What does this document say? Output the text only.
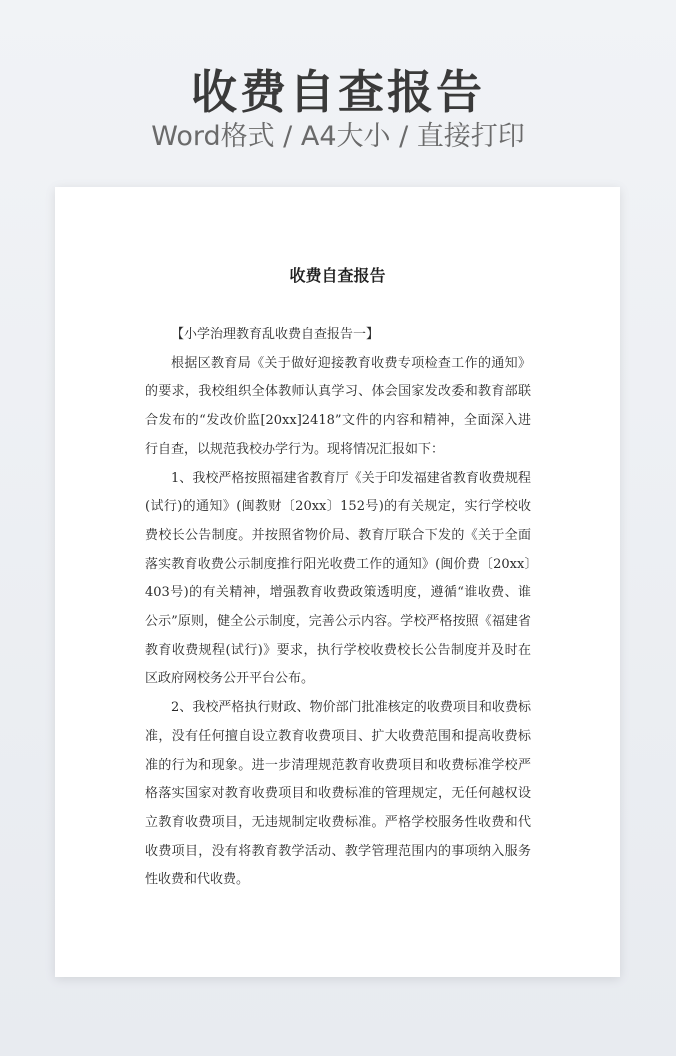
收费自查报告
Word格式 / A4大小 / 直接打印
收费自查报告

【小学治理教育乱收费自查报告一】

根据区教育局《关于做好迎接教育收费专项检查工作的通知》的要求，我校组织全体教师认真学习、体会国家发改委和教育部联合发布的“发改价监[20xx]2418”文件的内容和精神，全面深入进行自查，以规范我校办学行为。现将情况汇报如下：

1、我校严格按照福建省教育厅《关于印发福建省教育收费规程(试行)的通知》(闽教财〔20xx〕152号)的有关规定，实行学校收费校长公告制度。并按照省物价局、教育厅联合下发的《关于全面落实教育收费公示制度推行阳光收费工作的通知》(闽价费〔20xx〕403号)的有关精神，增强教育收费政策透明度，遵循“谁收费、谁公示”原则，健全公示制度，完善公示内容。学校严格按照《福建省教育收费规程(试行)》要求，执行学校收费校长公告制度并及时在区政府网校务公开平台公布。

2、我校严格执行财政、物价部门批准核定的收费项目和收费标准，没有任何擅自设立教育收费项目、扩大收费范围和提高收费标准的行为和现象。进一步清理规范教育收费项目和收费标准学校严格落实国家对教育收费项目和收费标准的管理规定，无任何越权设立教育收费项目，无违规制定收费标准。严格学校服务性收费和代收费项目，没有将教育教学活动、教学管理范围内的事项纳入服务性收费和代收费。
